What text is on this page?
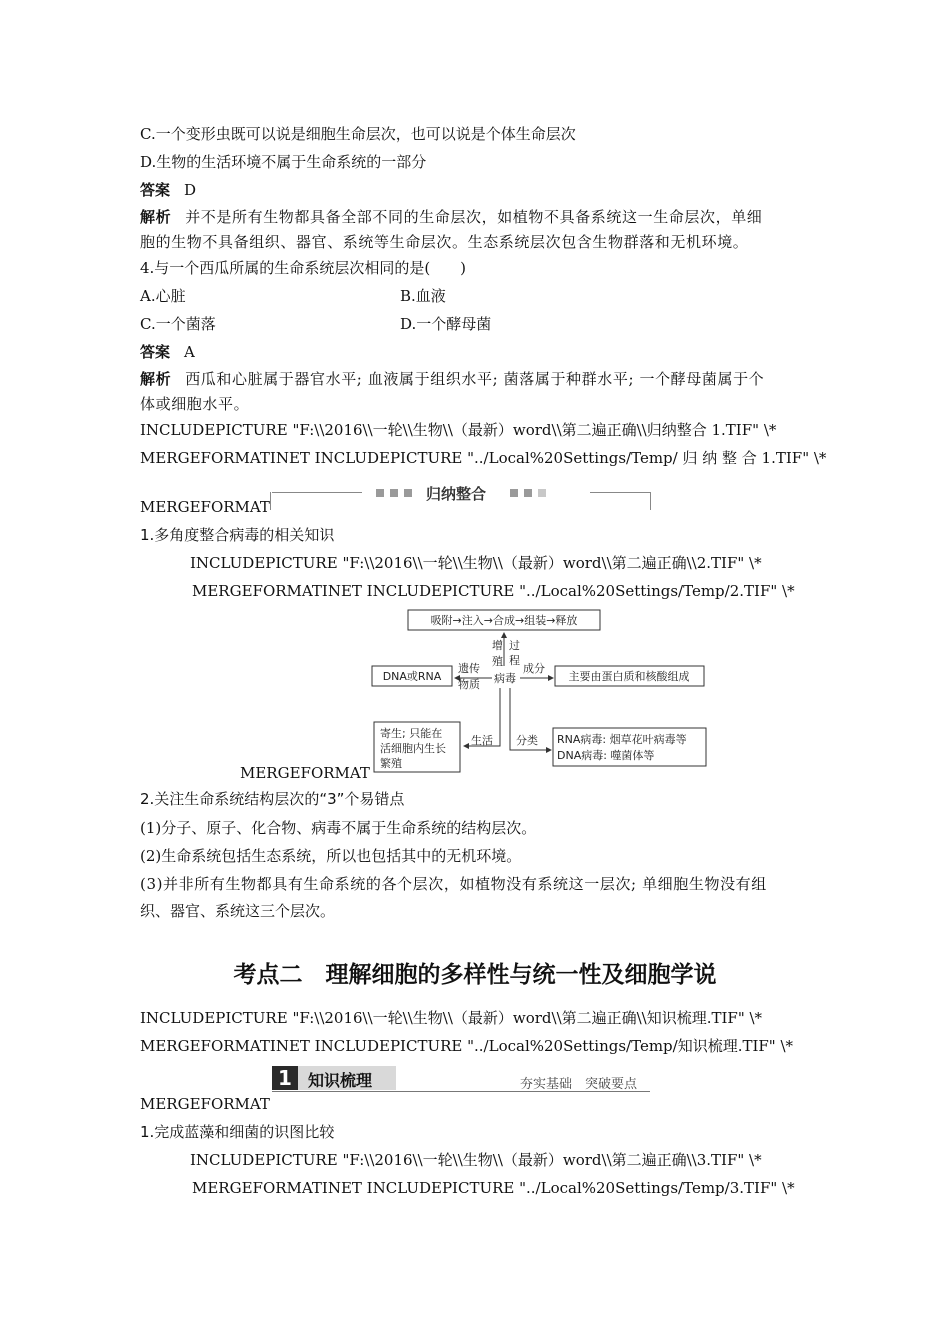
C.一个变形虫既可以说是细胞生命层次，也可以说是个体生命层次
D.生物的生活环境不属于生命系统的一部分
答案 D
解析 并不是所有生物都具备全部不同的生命层次，如植物不具备系统这一生命层次，单细
胞的生物不具备组织、器官、系统等生命层次。生态系统层次包含生物群落和无机环境。
4.与一个西瓜所属的生命系统层次相同的是(　　)
A.心脏	B.血液
C.一个菌落	D.一个酵母菌
答案 A
解析 西瓜和心脏属于器官水平; 血液属于组织水平; 菌落属于种群水平; 一个酵母菌属于个
体或细胞水平。
INCLUDEPICTURE "F:\\2016\\一轮\\生物\\（最新）word\\第二遍正确\\归纳整合 1.TIF" \*
MERGEFORMATINET INCLUDEPICTURE "../Local%20Settings/Temp/ 归 纳 整 合 1.TIF" \*
MERGEFORMAT
归纳整合
1.多角度整合病毒的相关知识
INCLUDEPICTURE "F:\\2016\\一轮\\生物\\（最新）word\\第二遍正确\\2.TIF" \*
MERGEFORMATINET INCLUDEPICTURE "../Local%20Settings/Temp/2.TIF" \*
MERGEFORMAT
吸附→注入→合成→组装→释放
增
殖
过
程
病毒
DNA或RNA
遗传
物质
成分
主要由蛋白质和核酸组成
生活
寄生; 只能在
活细胞内生长
繁殖
分类 RNA病毒: 烟草花叶病毒等
DNA病毒: 噬菌体等
2.关注生命系统结构层次的“3”个易错点
(1)分子、原子、化合物、病毒不属于生命系统的结构层次。
(2)生命系统包括生态系统，所以也包括其中的无机环境。
(3)并非所有生物都具有生命系统的各个层次，如植物没有系统这一层次; 单细胞生物没有组
织、器官、系统这三个层次。
考点二　理解细胞的多样性与统一性及细胞学说
INCLUDEPICTURE "F:\\2016\\一轮\\生物\\（最新）word\\第二遍正确\\知识梳理.TIF" \*
MERGEFORMATINET INCLUDEPICTURE "../Local%20Settings/Temp/知识梳理.TIF" \*
1	知识梳理	夯实基础　突破要点
MERGEFORMAT
1.完成蓝藻和细菌的识图比较
INCLUDEPICTURE "F:\\2016\\一轮\\生物\\（最新）word\\第二遍正确\\3.TIF" \*
MERGEFORMATINET INCLUDEPICTURE "../Local%20Settings/Temp/3.TIF" \*
